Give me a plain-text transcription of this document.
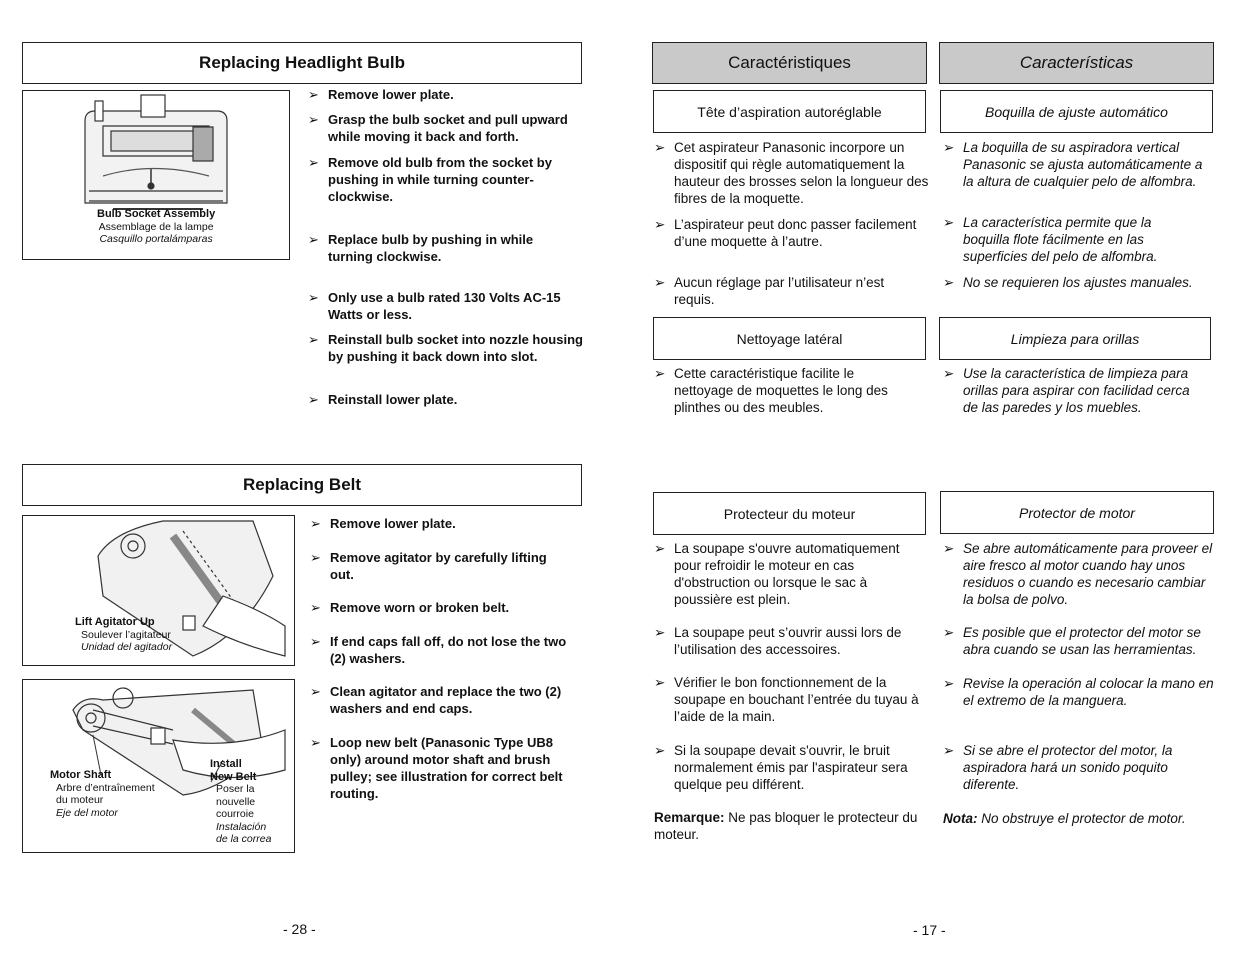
Replacing Headlight Bulb
Bulb Socket Assembly
Assemblage de la lampe
Casquillo portalámparas
➢ Remove lower plate.
➢ Grasp the bulb socket and pull upward while moving it back and forth.
➢ Remove old bulb from the socket by pushing in while turning counter-clockwise.
➢ Replace bulb by pushing in while turning clockwise.
➢ Only use a bulb rated 130 Volts AC-15 Watts or less.
➢ Reinstall bulb socket into nozzle housing by pushing it back down into slot.
➢ Reinstall lower plate.
Replacing Belt
Lift Agitator Up
Soulever l’agitateur
Unidad del agitador
Motor Shaft
Arbre d’entraînement
du moteur
Eje del motor
Install
New Belt
Poser la
nouvelle
courroie
Instalación
de la correa
➢ Remove lower plate.
➢ Remove agitator by carefully lifting out.
➢ Remove worn or broken belt.
➢ If end caps fall off, do not lose the two (2) washers.
➢ Clean agitator and replace the two (2) washers and end caps.
➢ Loop new belt (Panasonic Type UB8 only) around motor shaft and brush pulley; see illustration for correct belt routing.
- 28 -
Caractéristiques
Tête d’aspiration autoréglable
➢ Cet aspirateur Panasonic incorpore un dispositif qui règle automatiquement la hauteur des brosses selon la longueur des fibres de la moquette.
➢ L’aspirateur peut donc passer facilement d’une moquette à l’autre.
➢ Aucun réglage par l’utilisateur n’est requis.
Nettoyage latéral
➢ Cette caractéristique facilite le nettoyage de moquettes le long des plinthes ou des meubles.
Protecteur du moteur
➢ La soupape s'ouvre automatiquement pour refroidir le moteur en cas d'obstruction ou lorsque le sac à poussière est plein.
➢ La soupape peut s’ouvrir aussi lors de l’utilisation des accessoires.
➢ Vérifier le bon fonctionnement de la soupape en bouchant l’entrée du tuyau à l’aide de la main.
➢ Si la soupape devait s'ouvrir, le bruit normalement émis par l'aspirateur sera quelque peu différent.
Remarque: Ne pas bloquer le protecteur du moteur.
Características
Boquilla de ajuste automático
➢ La boquilla de su aspiradora vertical Panasonic se ajusta automáticamente a la altura de cualquier pelo de alfombra.
➢ La característica permite que la boquilla flote fácilmente en las superficies del pelo de alfombra.
➢ No se requieren los ajustes manuales.
Limpieza para orillas
➢ Use la característica de limpieza para orillas para aspirar con facilidad cerca de las paredes y los muebles.
Protector de motor
➢ Se abre automáticamente para proveer el aire fresco al motor cuando hay unos residuos o cuando es necesario cambiar la bolsa de polvo.
➢ Es posible que el protector del motor se abra cuando se usan las herramientas.
➢ Revise la operación al colocar la mano en el extremo de la manguera.
➢ Si se abre el protector del motor, la aspiradora hará un sonido poquito diferente.
Nota: No obstruye el protector de motor.
- 17 -
